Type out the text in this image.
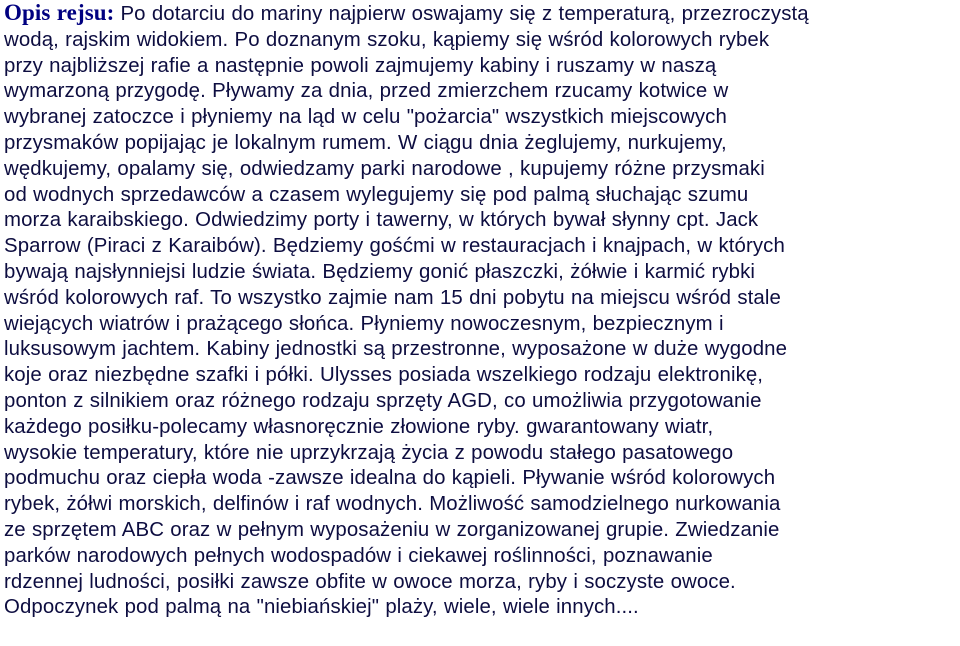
Opis rejsu: Po dotarciu do mariny najpierw oswajamy się z temperaturą, przezroczystą
wodą, rajskim widokiem. Po doznanym szoku, kąpiemy się wśród kolorowych rybek
przy najbliższej rafie a następnie powoli zajmujemy kabiny i ruszamy w naszą
wymarzoną przygodę. Pływamy za dnia, przed zmierzchem rzucamy kotwice w
wybranej zatoczce i płyniemy na ląd w celu "pożarcia" wszystkich miejscowych
przysmaków popijając je lokalnym rumem. W ciągu dnia żeglujemy, nurkujemy,
wędkujemy, opalamy się, odwiedzamy parki narodowe , kupujemy różne przysmaki
od wodnych sprzedawców a czasem wylegujemy się pod palmą słuchając szumu
morza karaibskiego. Odwiedzimy porty i tawerny, w których bywał słynny cpt. Jack
Sparrow (Piraci z Karaibów). Będziemy gośćmi w restauracjach i knajpach, w których
bywają najsłynniejsi ludzie świata. Będziemy gonić płaszczki, żółwie i karmić rybki
wśród kolorowych raf. To wszystko zajmie nam 15 dni pobytu na miejscu wśród stale
wiejących wiatrów i prażącego słońca. Płyniemy nowoczesnym, bezpiecznym i
luksusowym jachtem. Kabiny jednostki są przestronne, wyposażone w duże wygodne
koje oraz niezbędne szafki i półki. Ulysses posiada wszelkiego rodzaju elektronikę,
ponton z silnikiem oraz różnego rodzaju sprzęty AGD, co umożliwia przygotowanie
każdego posiłku-polecamy własnoręcznie złowione ryby. gwarantowany wiatr,
wysokie temperatury, które nie uprzykrzają życia z powodu stałego pasatowego
podmuchu oraz ciepła woda -zawsze idealna do kąpieli. Pływanie wśród kolorowych
rybek, żółwi morskich, delfinów i raf wodnych. Możliwość samodzielnego nurkowania
ze sprzętem ABC oraz w pełnym wyposażeniu w zorganizowanej grupie. Zwiedzanie
parków narodowych pełnych wodospadów i ciekawej roślinności, poznawanie
rdzennej ludności, posiłki zawsze obfite w owoce morza, ryby i soczyste owoce.
Odpoczynek pod palmą na "niebiańskiej" plaży, wiele, wiele innych....
